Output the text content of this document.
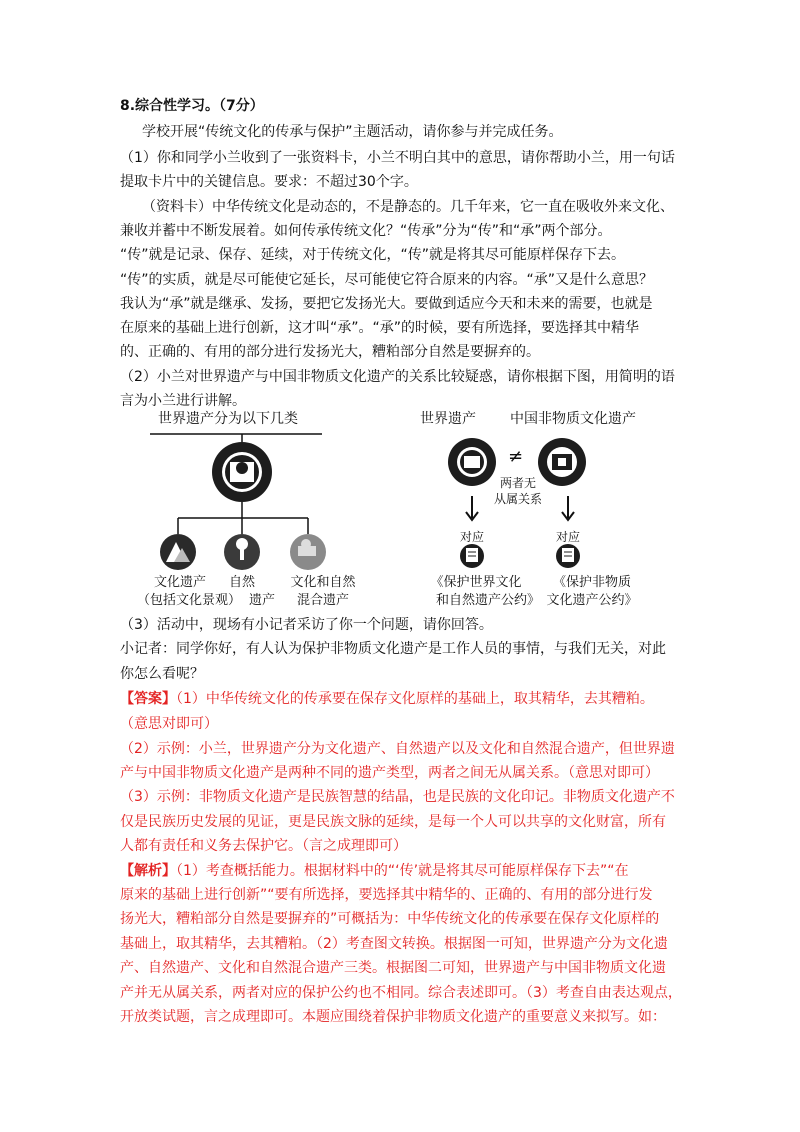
8.综合性学习。（7分）
学校开展“传统文化的传承与保护”主题活动，请你参与并完成任务。
（1）你和同学小兰收到了一张资料卡，小兰不明白其中的意思，请你帮助小兰，用一句话
提取卡片中的关键信息。要求：不超过30个字。
（资料卡）中华传统文化是动态的，不是静态的。几千年来，它一直在吸收外来文化、
兼收并蓄中不断发展着。如何传承传统文化？“传承”分为“传”和“承”两个部分。
“传”就是记录、保存、延续，对于传统文化，“传”就是将其尽可能原样保存下去。
“传”的实质，就是尽可能使它延长，尽可能使它符合原来的内容。“承”又是什么意思？
我认为“承”就是继承、发扬，要把它发扬光大。要做到适应今天和未来的需要，也就是
在原来的基础上进行创新，这才叫“承”。“承”的时候，要有所选择，要选择其中精华
的、正确的、有用的部分进行发扬光大，糟粕部分自然是要摒弃的。
（2）小兰对世界遗产与中国非物质文化遗产的关系比较疑惑，请你根据下图，用简明的语
言为小兰进行讲解。
世界遗产分为以下几类
文化遗产
（包括文化景观）
自然
遗产
文化和自然
混合遗产
世界遗产 中国非物质文化遗产
≠
两者无
从属关系
对应	对应
《保护世界文化
和自然遗产公约》
《保护非物质
文化遗产公约》
（3）活动中，现场有小记者采访了你一个问题，请你回答。
小记者：同学你好，有人认为保护非物质文化遗产是工作人员的事情，与我们无关，对此
你怎么看呢？
【答案】（1）中华传统文化的传承要在保存文化原样的基础上，取其精华，去其糟粕。
（意思对即可）
（2）示例：小兰，世界遗产分为文化遗产、自然遗产以及文化和自然混合遗产，但世界遗
产与中国非物质文化遗产是两种不同的遗产类型，两者之间无从属关系。（意思对即可）
（3）示例：非物质文化遗产是民族智慧的结晶，也是民族的文化印记。非物质文化遗产不
仅是民族历史发展的见证，更是民族文脉的延续，是每一个人可以共享的文化财富，所有
人都有责任和义务去保护它。（言之成理即可）
【解析】（1）考查概括能力。根据材料中的“‘传’就是将其尽可能原样保存下去”“在
原来的基础上进行创新”“要有所选择，要选择其中精华的、正确的、有用的部分进行发
扬光大，糟粕部分自然是要摒弃的”可概括为：中华传统文化的传承要在保存文化原样的
基础上，取其精华，去其糟粕。（2）考查图文转换。根据图一可知，世界遗产分为文化遗
产、自然遗产、文化和自然混合遗产三类。根据图二可知，世界遗产与中国非物质文化遗
产并无从属关系，两者对应的保护公约也不相同。综合表述即可。（3）考查自由表达观点，
开放类试题，言之成理即可。本题应围绕着保护非物质文化遗产的重要意义来拟写。如：
